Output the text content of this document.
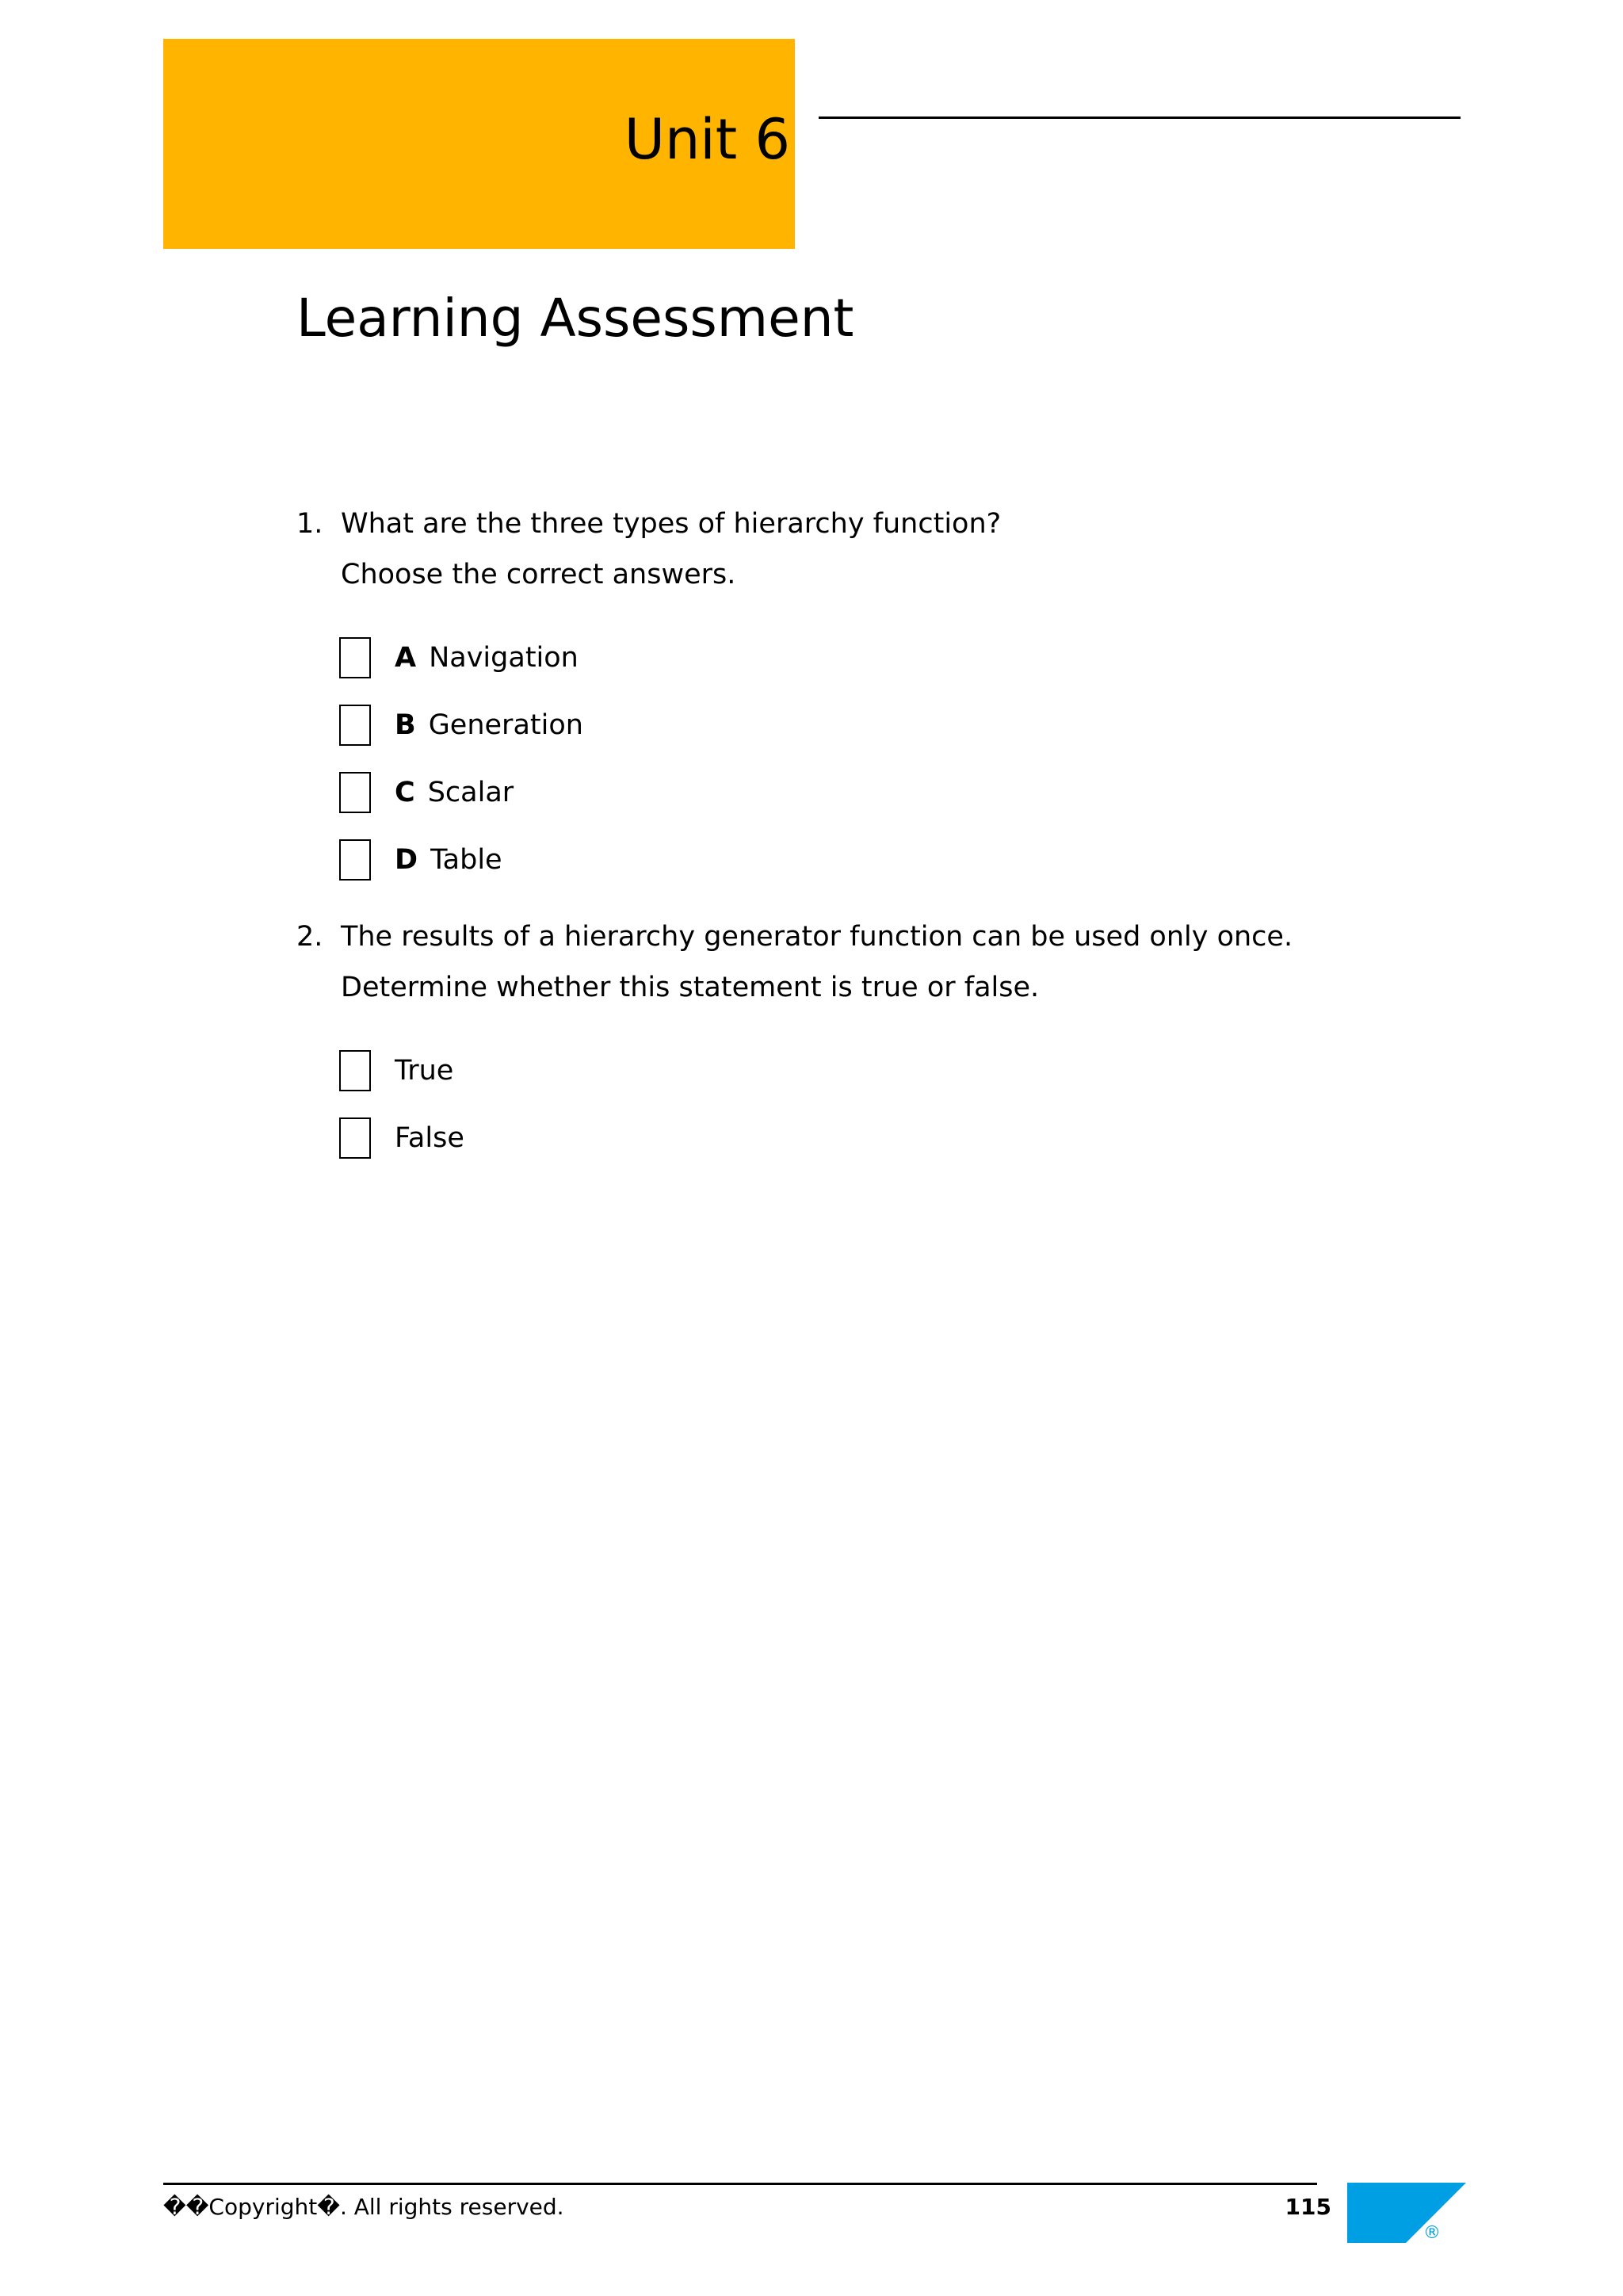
Unit 6
Learning Assessment
1. What are the three types of hierarchy function?
Choose the correct answers.
A Navigation
B Generation
C Scalar
D Table
2. The results of a hierarchy generator function can be used only once.
Determine whether this statement is true or false.
True
False
��Copyright�. All rights reserved.	115
®
